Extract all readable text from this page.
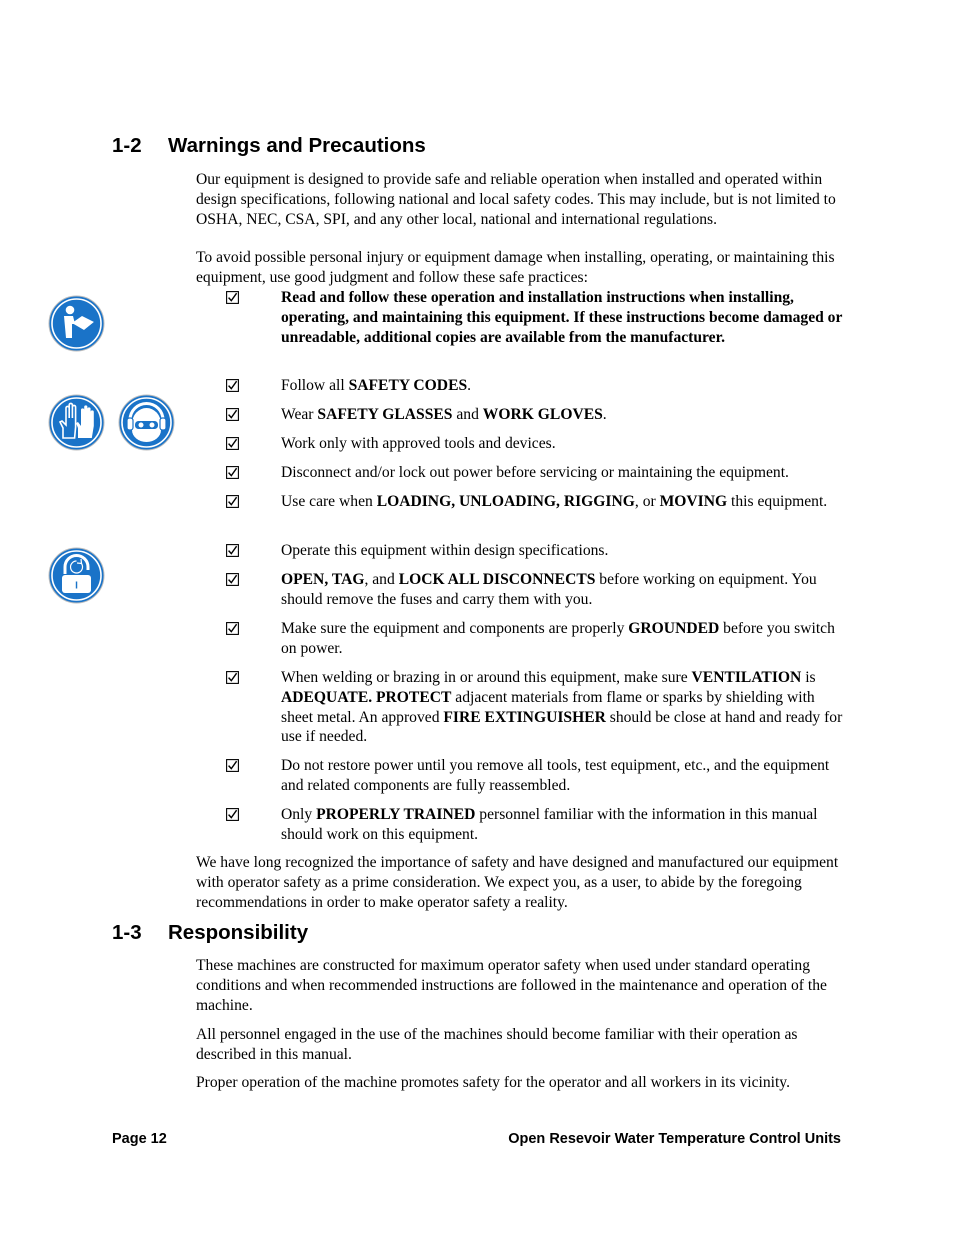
1-2 Warnings and Precautions

Our equipment is designed to provide safe and reliable operation when installed and operated within design specifications, following national and local safety codes. This may include, but is not limited to OSHA, NEC, CSA, SPI, and any other local, national and international regulations.

To avoid possible personal injury or equipment damage when installing, operating, or maintaining this equipment, use good judgment and follow these safe practices:

Read and follow these operation and installation instructions when installing, operating, and maintaining this equipment. If these instructions become damaged or unreadable, additional copies are available from the manufacturer.
Follow all SAFETY CODES.
Wear SAFETY GLASSES and WORK GLOVES.
Work only with approved tools and devices.
Disconnect and/or lock out power before servicing or maintaining the equipment.
Use care when LOADING, UNLOADING, RIGGING, or MOVING this equipment.
Operate this equipment within design specifications.
OPEN, TAG, and LOCK ALL DISCONNECTS before working on equipment. You should remove the fuses and carry them with you.
Make sure the equipment and components are properly GROUNDED before you switch on power.
When welding or brazing in or around this equipment, make sure VENTILATION is ADEQUATE. PROTECT adjacent materials from flame or sparks by shielding with sheet metal. An approved FIRE EXTINGUISHER should be close at hand and ready for use if needed.
Do not restore power until you remove all tools, test equipment, etc., and the equipment and related components are fully reassembled.
Only PROPERLY TRAINED personnel familiar with the information in this manual should work on this equipment.

We have long recognized the importance of safety and have designed and manufactured our equipment with operator safety as a prime consideration. We expect you, as a user, to abide by the foregoing recommendations in order to make operator safety a reality.

1-3 Responsibility

These machines are constructed for maximum operator safety when used under standard operating conditions and when recommended instructions are followed in the maintenance and operation of the machine.

All personnel engaged in the use of the machines should become familiar with their operation as described in this manual.

Proper operation of the machine promotes safety for the operator and all workers in its vicinity.

I
Page 12	Open Resevoir Water Temperature Control Units
